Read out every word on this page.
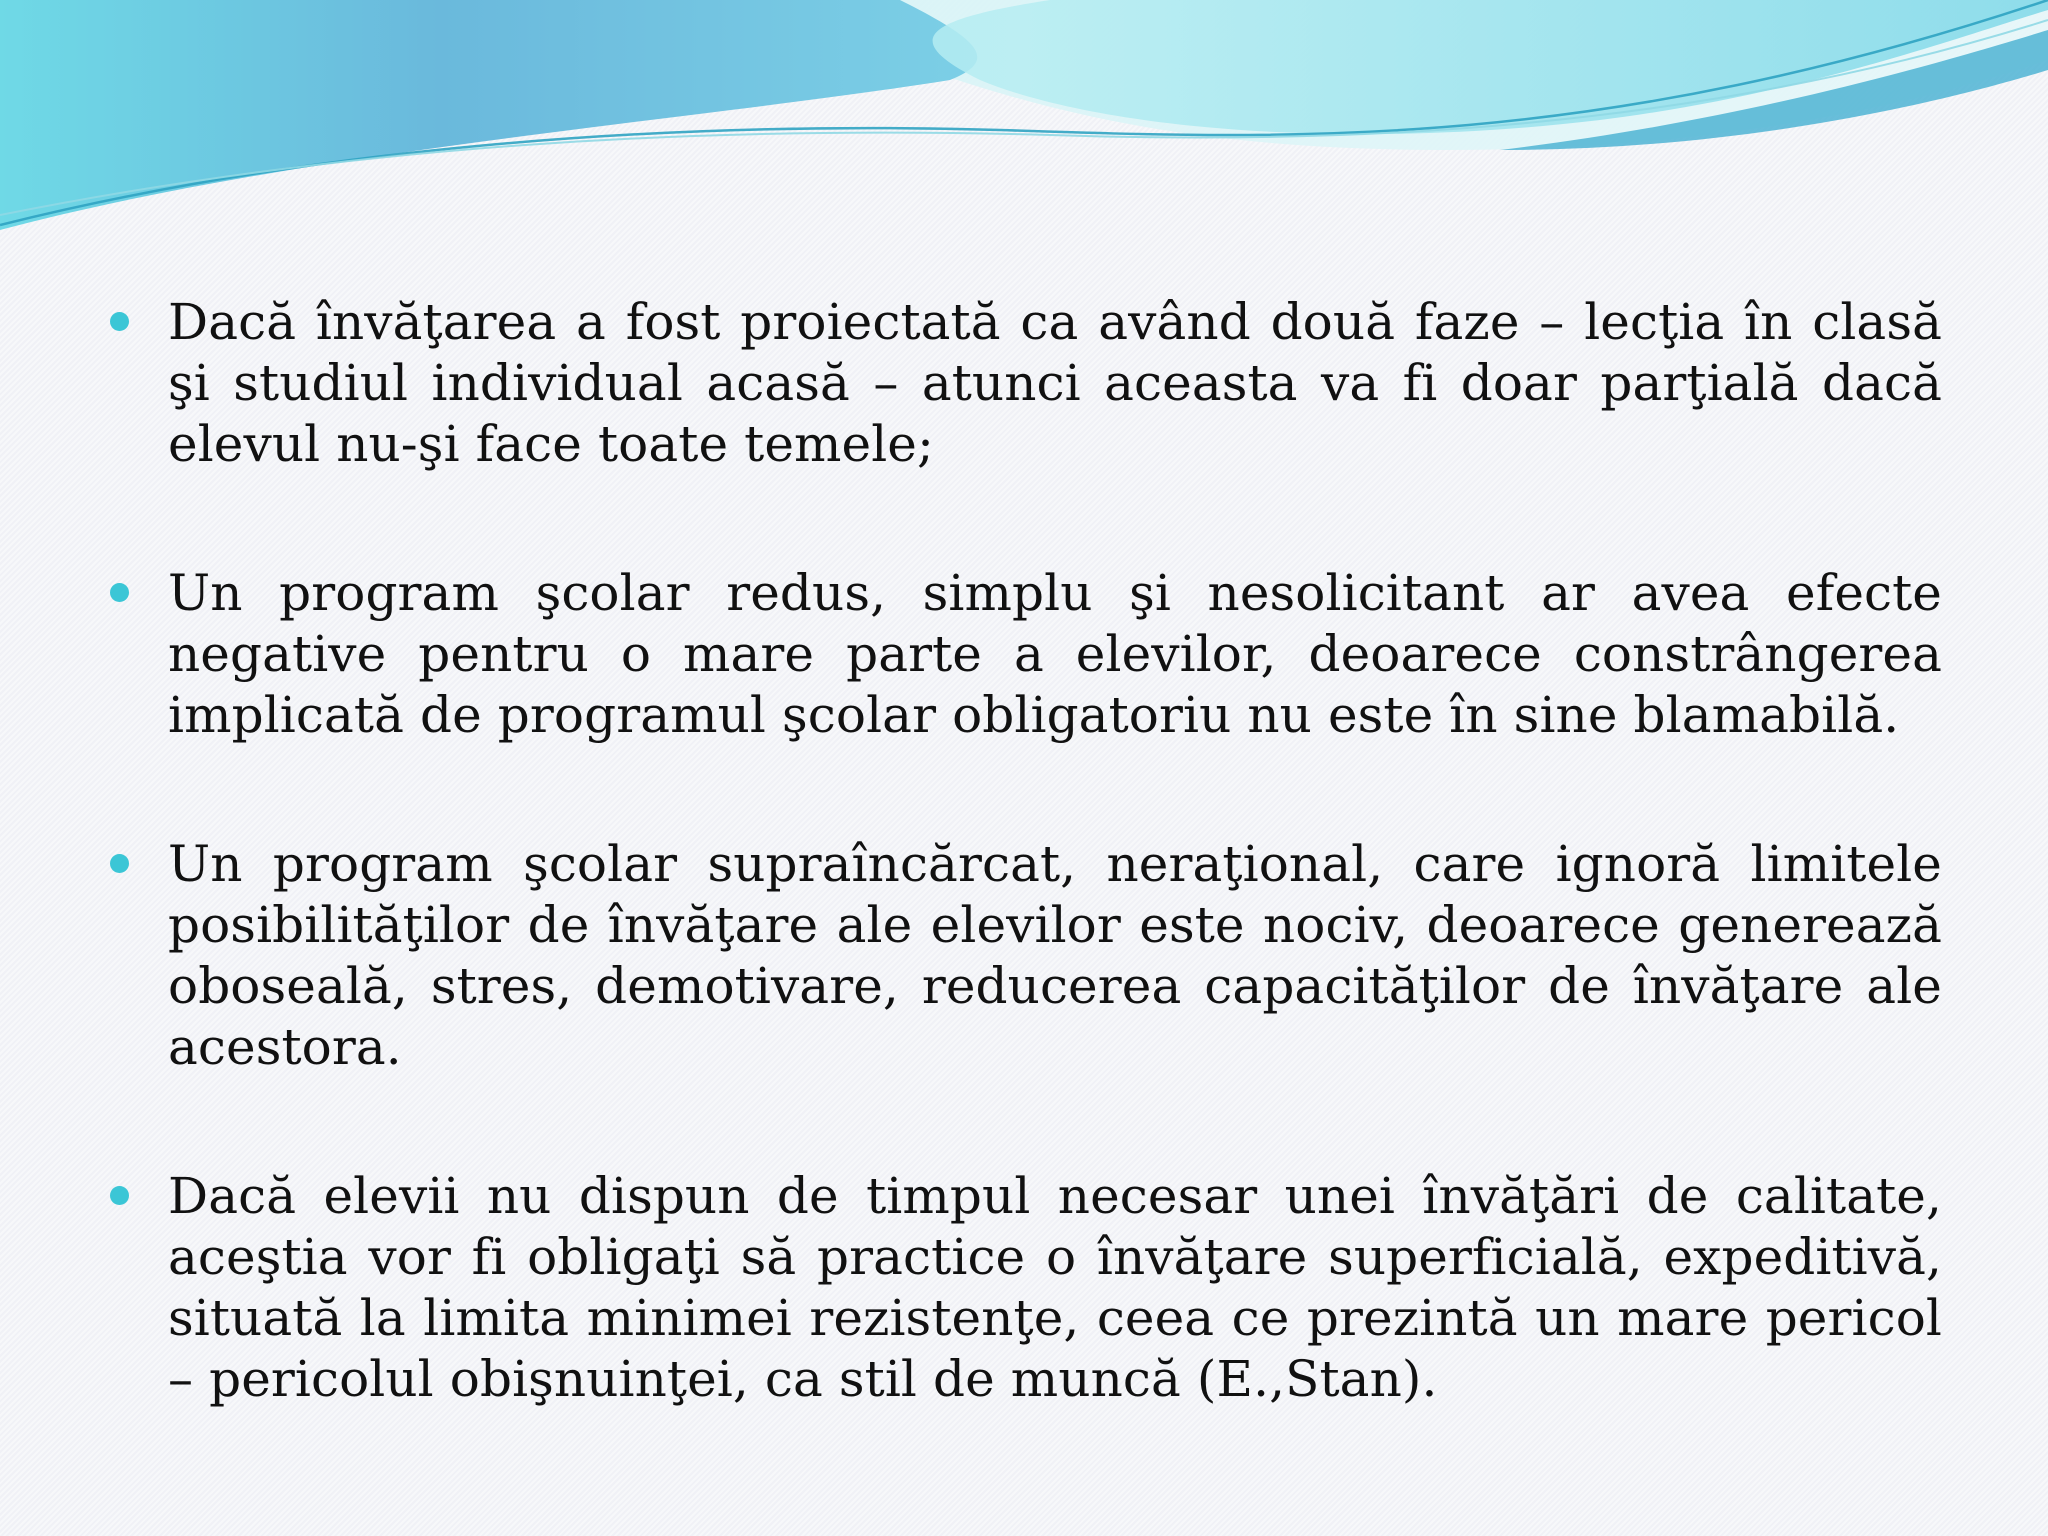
Dacă învăţarea a fost proiectată ca având două faze – lecţia în clasă şi studiul individual acasă – atunci aceasta va fi doar parţială dacă elevul nu-şi face toate temele;

Un program şcolar redus, simplu şi nesolicitant ar avea efecte negative pentru o mare parte a elevilor, deoarece constrângerea implicată de programul şcolar obligatoriu nu este în sine blamabilă.

Un program şcolar supraîncărcat, neraţional, care ignoră limitele posibilităţilor de învăţare ale elevilor este nociv, deoarece generează oboseală, stres, demotivare, reducerea capacităţilor de învăţare ale acestora.

Dacă elevii nu dispun de timpul necesar unei învăţări de calitate, aceştia vor fi obligaţi să practice o învăţare superficială, expeditivă, situată la limita minimei rezistenţe, ceea ce prezintă un mare pericol – pericolul obişnuinţei, ca stil de muncă (E.,Stan).
